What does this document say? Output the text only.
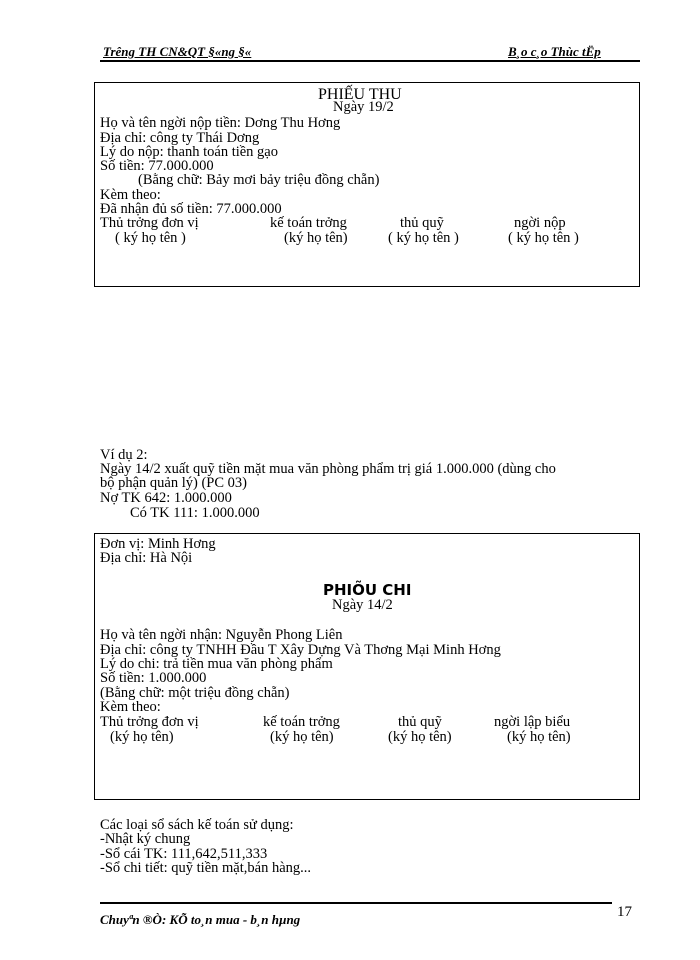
Trêng TH CN&QT §«ng §«	B¸o c¸o Thùc tËp
PHIẾU THU
Ngày 19/2
Họ và tên ngời nộp tiền: Dơng Thu Hơng
Địa chỉ: công ty Thái Dơng
Lý do nộp: thanh toán tiền gạo
Số tiền: 77.000.000
(Bằng chữ: Bảy mơi bảy triệu đồng chẵn)
Kèm theo:
Đã nhận đủ số tiền: 77.000.000
Thủ trởng đơn vị	kế toán trởng	thủ quỹ	ngời nộp
( ký họ tên )	(ký họ tên)	( ký họ tên )	( ký họ tên )
Ví dụ 2:
Ngày 14/2 xuất quỹ tiền mặt mua văn phòng phẩm trị giá 1.000.000 (dùng cho
bộ phận quản lý) (PC 03)
Nợ TK 642: 1.000.000
Có TK 111: 1.000.000
Đơn vị: Minh Hơng
Địa chỉ: Hà Nội
PHIÕU CHI
Ngày 14/2
Họ và tên ngời nhận: Nguyễn Phong Liên
Địa chỉ: công ty TNHH Đầu T Xây Dựng Và Thơng Mại Minh Hơng
Lý do chi: trả tiền mua văn phòng phẩm
Số tiền: 1.000.000
(Bằng chữ: một triệu đồng chẵn)
Kèm theo:
Thủ trởng đơn vị	kế toán trởng	thủ quỹ	ngời lập biểu
(ký họ tên)	(ký họ tên)	(ký họ tên)	(ký họ tên)
Các loại sổ sách kế toán sử dụng:
-Nhật ký chung
-Sổ cái TK: 111,642,511,333
-Sổ chi tiết: quỹ tiền mặt,bán hàng...
Chuyªn ®Ò: KÕ to¸n mua - b¸n hµng	17
